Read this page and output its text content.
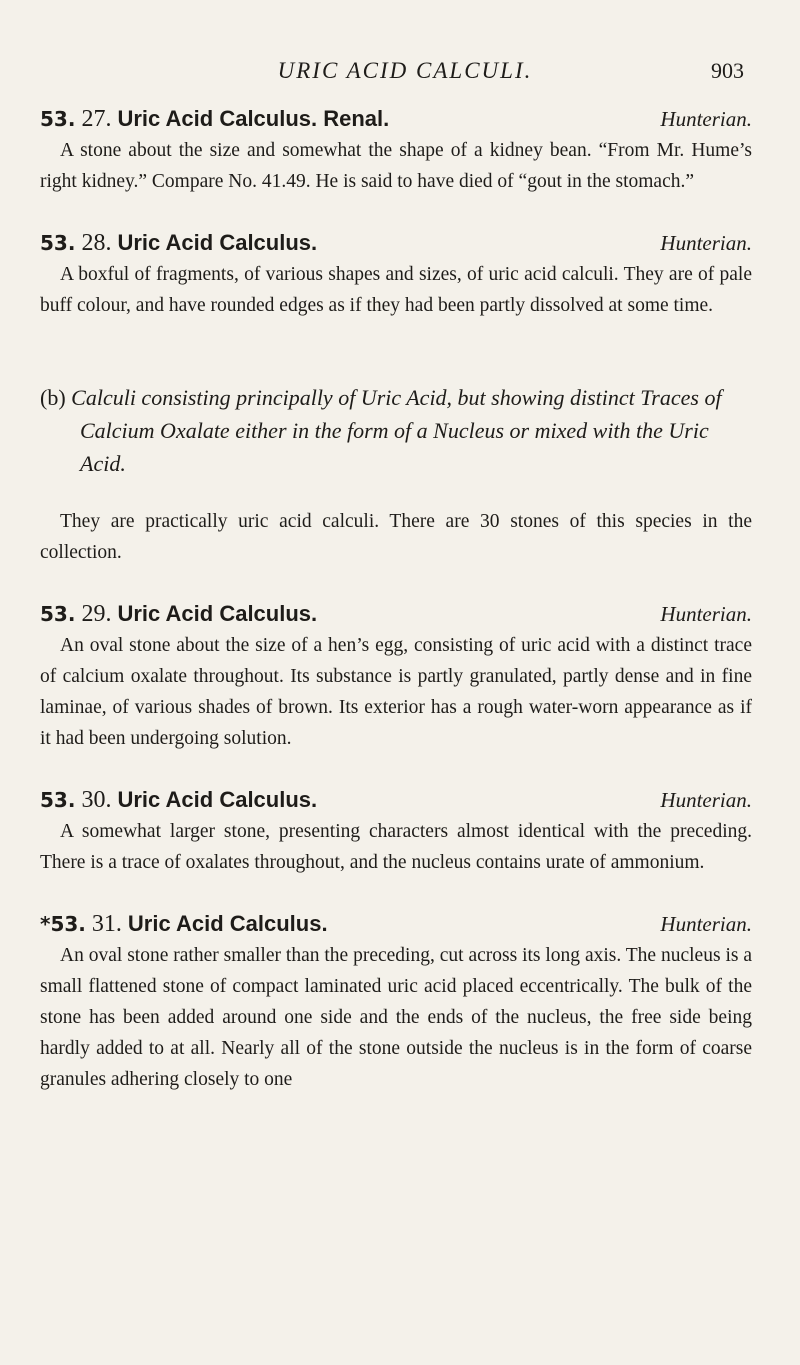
URIC ACID CALCULI.	903
53. 27. Uric Acid Calculus. Renal.	Hunterian.

A stone about the size and somewhat the shape of a kidney bean. “From Mr. Hume’s right kidney.” Compare No. 41.49. He is said to have died of “gout in the stomach.”

53. 28. Uric Acid Calculus.	Hunterian.

A boxful of fragments, of various shapes and sizes, of uric acid calculi. They are of pale buff colour, and have rounded edges as if they had been partly dissolved at some time.

(b) Calculi consisting principally of Uric Acid, but showing distinct Traces of Calcium Oxalate either in the form of a Nucleus or mixed with the Uric Acid.

They are practically uric acid calculi. There are 30 stones of this species in the collection.

53. 29. Uric Acid Calculus.	Hunterian.

An oval stone about the size of a hen’s egg, consisting of uric acid with a distinct trace of calcium oxalate throughout. Its substance is partly granulated, partly dense and in fine laminae, of various shades of brown. Its exterior has a rough water-worn appearance as if it had been undergoing solution.

53. 30. Uric Acid Calculus.	Hunterian.

A somewhat larger stone, presenting characters almost identical with the preceding. There is a trace of oxalates throughout, and the nucleus contains urate of ammonium.

*53. 31. Uric Acid Calculus.	Hunterian.

An oval stone rather smaller than the preceding, cut across its long axis. The nucleus is a small flattened stone of compact laminated uric acid placed eccentrically. The bulk of the stone has been added around one side and the ends of the nucleus, the free side being hardly added to at all. Nearly all of the stone outside the nucleus is in the form of coarse granules adhering closely to one
